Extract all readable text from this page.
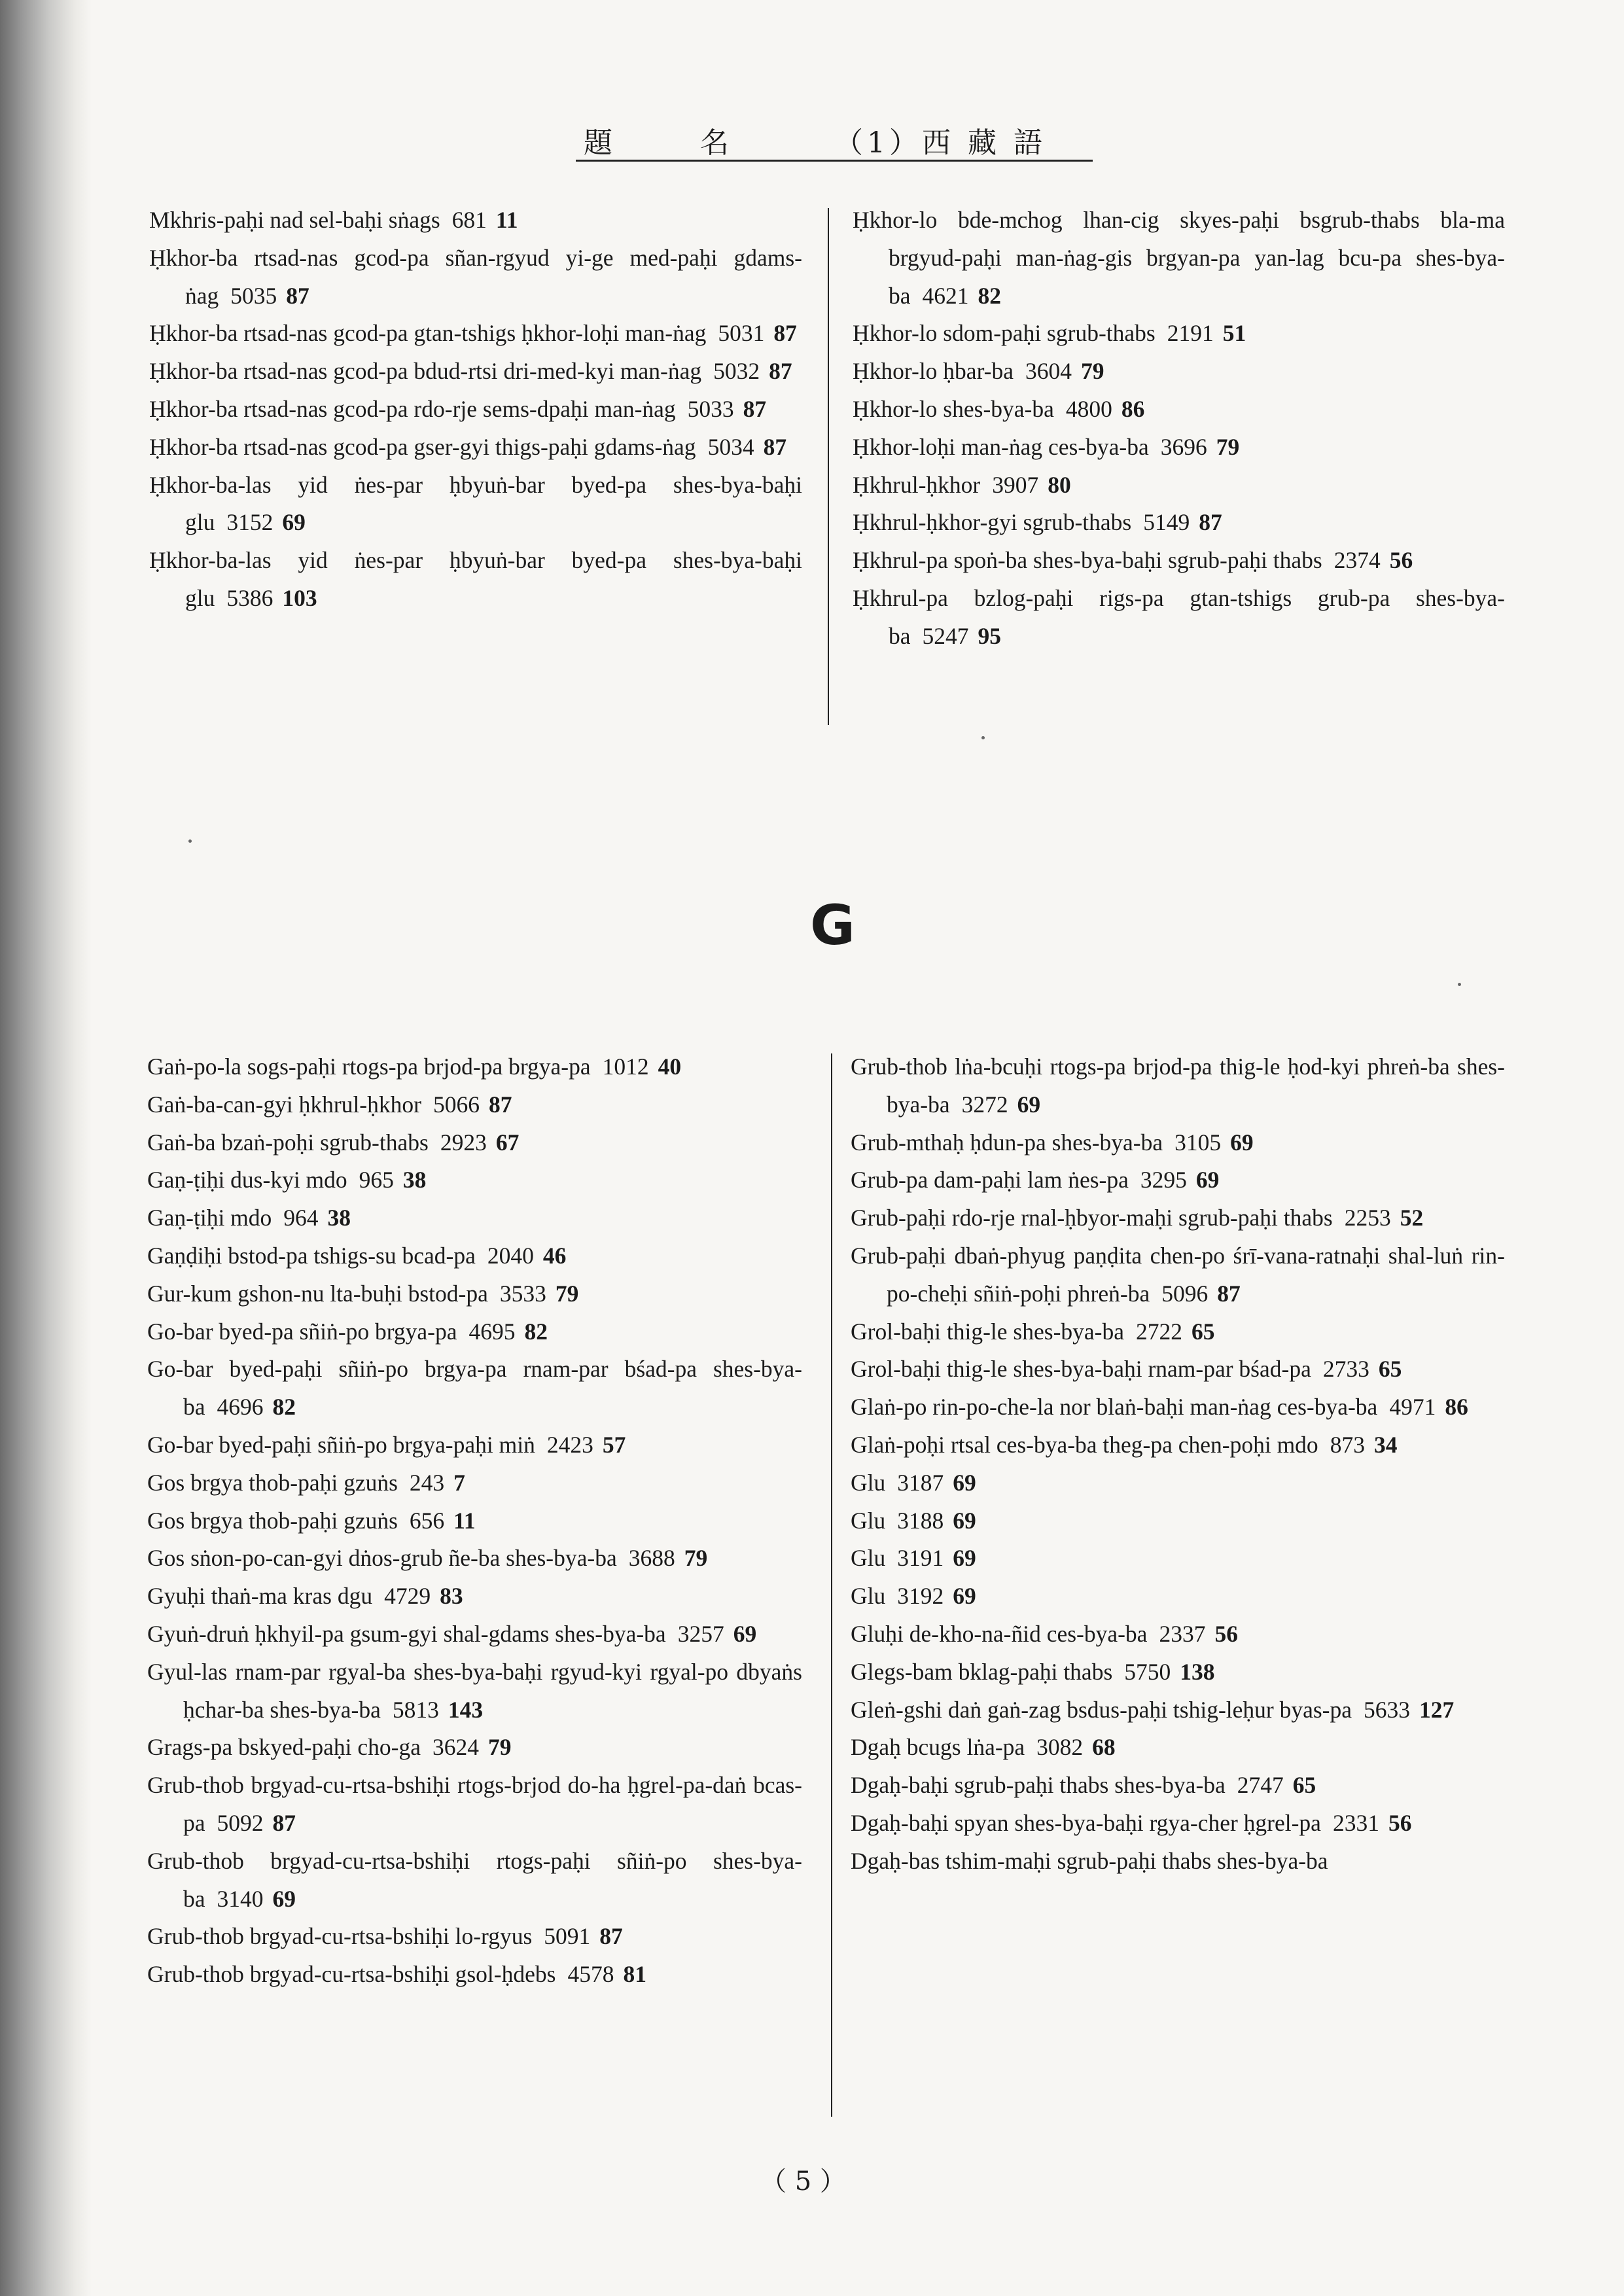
題	名	（1）西 藏 語
Mkhris-paḥi nad sel-baḥi sṅags 681 11
Ḥkhor-ba rtsad-nas gcod-pa sñan-rgyud yi-ge med-paḥi gdams-ṅag 5035 87
Ḥkhor-ba rtsad-nas gcod-pa gtan-tshigs ḥkhor-loḥi man-ṅag 5031 87
Ḥkhor-ba rtsad-nas gcod-pa bdud-rtsi dri-med-kyi man-ṅag 5032 87
Ḥkhor-ba rtsad-nas gcod-pa rdo-rje sems-dpaḥi man-ṅag 5033 87
Ḥkhor-ba rtsad-nas gcod-pa gser-gyi thigs-paḥi gdams-ṅag 5034 87
Ḥkhor-ba-las yid ṅes-par ḥbyuṅ-bar byed-pa shes-bya-baḥi glu 3152 69
Ḥkhor-ba-las yid ṅes-par ḥbyuṅ-bar byed-pa shes-bya-baḥi glu 5386 103
Ḥkhor-lo bde-mchog lhan-cig skyes-paḥi bsgrub-thabs bla-ma brgyud-paḥi man-ṅag-gis brgyan-pa yan-lag bcu-pa shes-bya-ba 4621 82
Ḥkhor-lo sdom-paḥi sgrub-thabs 2191 51
Ḥkhor-lo ḥbar-ba 3604 79
Ḥkhor-lo shes-bya-ba 4800 86
Ḥkhor-loḥi man-ṅag ces-bya-ba 3696 79
Ḥkhrul-ḥkhor 3907 80
Ḥkhrul-ḥkhor-gyi sgrub-thabs 5149 87
Ḥkhrul-pa spoṅ-ba shes-bya-baḥi sgrub-paḥi thabs 2374 56
Ḥkhrul-pa bzlog-paḥi rigs-pa gtan-tshigs grub-pa shes-bya-ba 5247 95
G
Gaṅ-po-la sogs-paḥi rtogs-pa brjod-pa brgya-pa 1012 40
Gaṅ-ba-can-gyi ḥkhrul-ḥkhor 5066 87
Gaṅ-ba bzaṅ-poḥi sgrub-thabs 2923 67
Gaṇ-ṭiḥi dus-kyi mdo 965 38
Gaṇ-ṭiḥi mdo 964 38
Gaṇḍiḥi bstod-pa tshigs-su bcad-pa 2040 46
Gur-kum gshon-nu lta-buḥi bstod-pa 3533 79
Go-bar byed-pa sñiṅ-po brgya-pa 4695 82
Go-bar byed-paḥi sñiṅ-po brgya-pa rnam-par bśad-pa shes-bya-ba 4696 82
Go-bar byed-paḥi sñiṅ-po brgya-paḥi miṅ 2423 57
Gos brgya thob-paḥi gzuṅs 243 7
Gos brgya thob-paḥi gzuṅs 656 11
Gos sṅon-po-can-gyi dṅos-grub ñe-ba shes-bya-ba 3688 79
Gyuḥi thaṅ-ma kras dgu 4729 83
Gyuṅ-druṅ ḥkhyil-pa gsum-gyi shal-gdams shes-bya-ba 3257 69
Gyul-las rnam-par rgyal-ba shes-bya-baḥi rgyud-kyi rgyal-po dbyaṅs ḥchar-ba shes-bya-ba 5813 143
Grags-pa bskyed-paḥi cho-ga 3624 79
Grub-thob brgyad-cu-rtsa-bshiḥi rtogs-brjod do-ha ḥgrel-pa-daṅ bcas-pa 5092 87
Grub-thob brgyad-cu-rtsa-bshiḥi rtogs-paḥi sñiṅ-po shes-bya-ba 3140 69
Grub-thob brgyad-cu-rtsa-bshiḥi lo-rgyus 5091 87
Grub-thob brgyad-cu-rtsa-bshiḥi gsol-ḥdebs 4578 81
Grub-thob lṅa-bcuḥi rtogs-pa brjod-pa thig-le ḥod-kyi phreṅ-ba shes-bya-ba 3272 69
Grub-mthaḥ ḥdun-pa shes-bya-ba 3105 69
Grub-pa dam-paḥi lam ṅes-pa 3295 69
Grub-paḥi rdo-rje rnal-ḥbyor-maḥi sgrub-paḥi thabs 2253 52
Grub-paḥi dbaṅ-phyug paṇḍita chen-po śrī-vana-ratnaḥi shal-luṅ rin-po-cheḥi sñiṅ-poḥi phreṅ-ba 5096 87
Grol-baḥi thig-le shes-bya-ba 2722 65
Grol-baḥi thig-le shes-bya-baḥi rnam-par bśad-pa 2733 65
Glaṅ-po rin-po-che-la nor blaṅ-baḥi man-ṅag ces-bya-ba 4971 86
Glaṅ-poḥi rtsal ces-bya-ba theg-pa chen-poḥi mdo 873 34
Glu 3187 69
Glu 3188 69
Glu 3191 69
Glu 3192 69
Gluḥi de-kho-na-ñid ces-bya-ba 2337 56
Glegs-bam bklag-paḥi thabs 5750 138
Gleṅ-gshi daṅ gaṅ-zag bsdus-paḥi tshig-leḥur byas-pa 5633 127
Dgaḥ bcugs lṅa-pa 3082 68
Dgaḥ-baḥi sgrub-paḥi thabs shes-bya-ba 2747 65
Dgaḥ-baḥi spyan shes-bya-baḥi rgya-cher ḥgrel-pa 2331 56
Dgaḥ-bas tshim-maḥi sgrub-paḥi thabs shes-bya-ba
（ 5 ）
